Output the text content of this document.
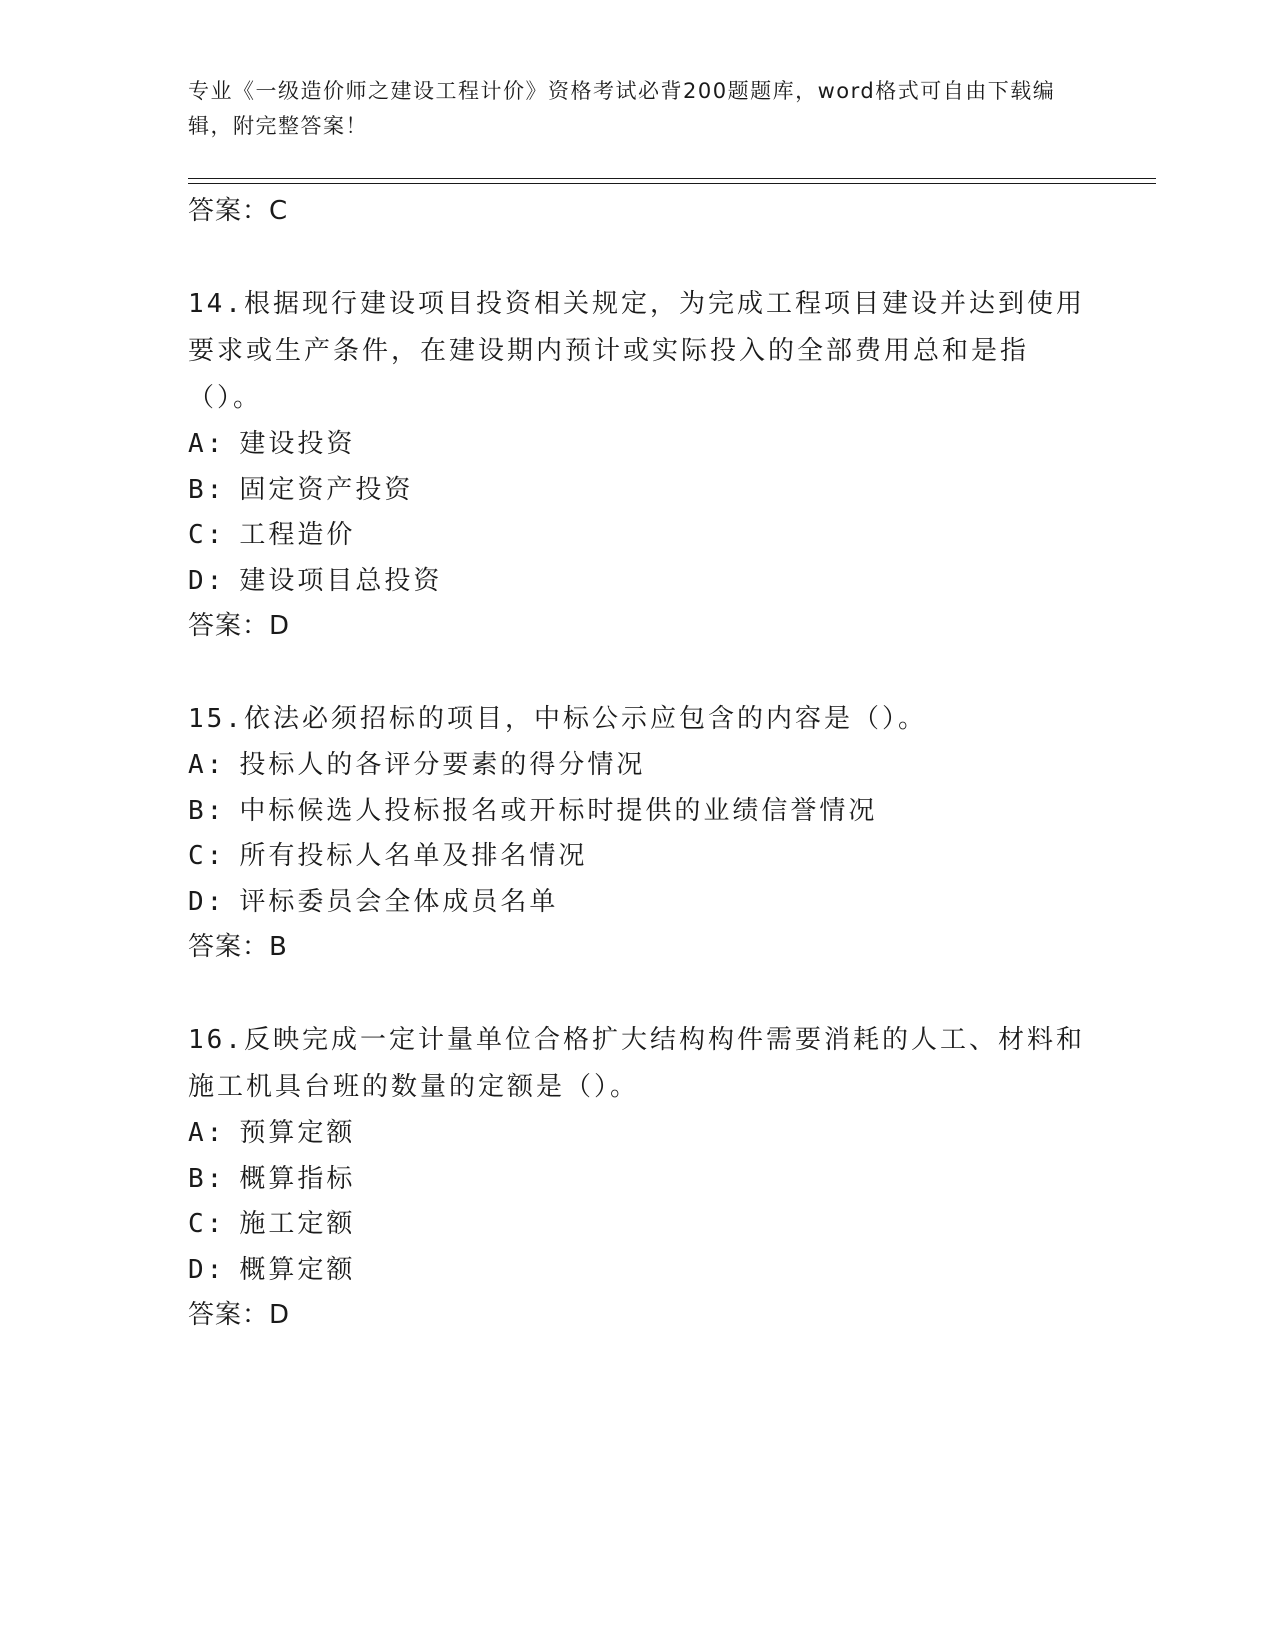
专业《一级造价师之建设工程计价》资格考试必背200题题库，word格式可自由下载编辑，附完整答案！

答案：C

14.根据现行建设项目投资相关规定，为完成工程项目建设并达到使用要求或生产条件，在建设期内预计或实际投入的全部费用总和是指（）。

A: 建设投资

B: 固定资产投资

C: 工程造价

D: 建设项目总投资

答案：D

15.依法必须招标的项目，中标公示应包含的内容是（）。

A: 投标人的各评分要素的得分情况

B: 中标候选人投标报名或开标时提供的业绩信誉情况

C: 所有投标人名单及排名情况

D: 评标委员会全体成员名单

答案：B

16.反映完成一定计量单位合格扩大结构构件需要消耗的人工、材料和施工机具台班的数量的定额是（）。

A: 预算定额

B: 概算指标

C: 施工定额

D: 概算定额

答案：D
